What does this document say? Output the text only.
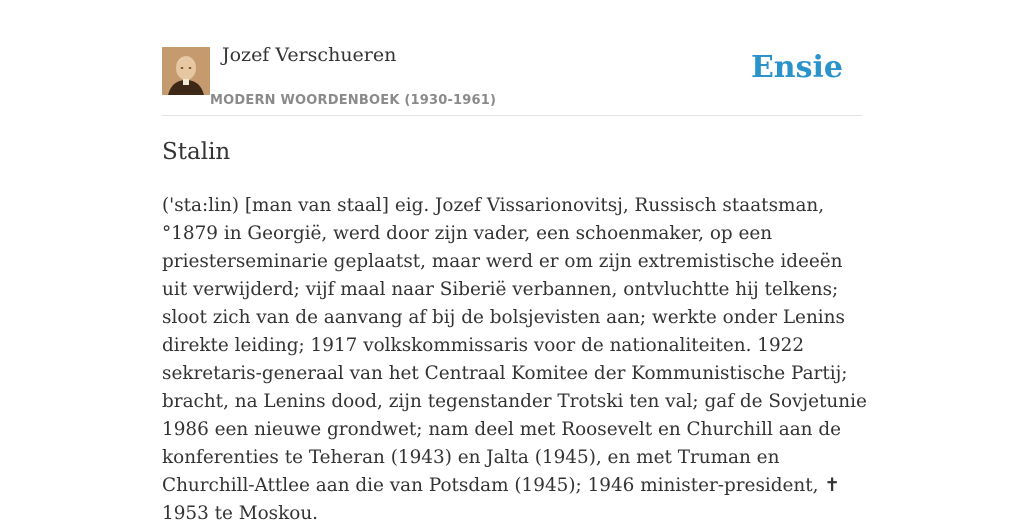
Jozef Verschueren
MODERN WOORDENBOEK (1930-1961)
Ensie
Stalin

('sta:lin) [man van staal] eig. Jozef Vissarionovitsj, Russisch staatsman, °1879 in Georgië, werd door zijn vader, een schoenmaker, op een priesterseminarie geplaatst, maar werd er om zijn extremistische ideeën uit verwijderd; vijf maal naar Siberië verbannen, ontvluchtte hij telkens; sloot zich van de aanvang af bij de bolsjevisten aan; werkte onder Lenins direkte leiding; 1917 volkskommissaris voor de nationaliteiten. 1922 sekretaris-generaal van het Centraal Komitee der Kommunistische Partij; bracht, na Lenins dood, zijn tegenstander Trotski ten val; gaf de Sovjetunie 1986 een nieuwe grondwet; nam deel met Roosevelt en Churchill aan de konferenties te Teheran (1943) en Jalta (1945), en met Truman en Churchill-Attlee aan die van Potsdam (1945); 1946 minister-president, ✝ 1953 te Moskou.
